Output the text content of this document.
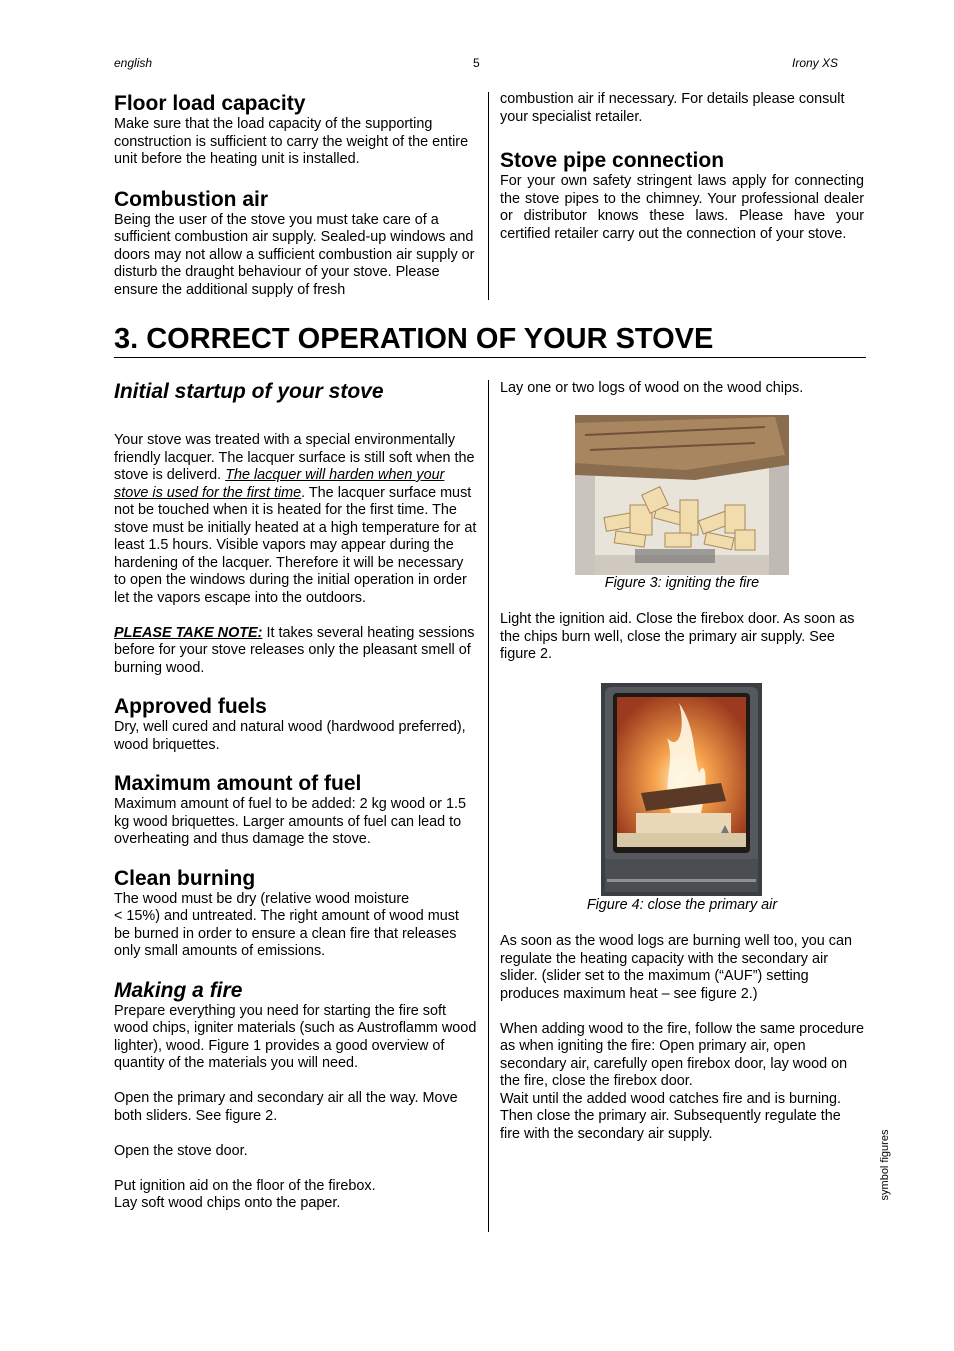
english	5	Irony XS
Floor load capacity

Make sure that the load capacity of the supporting construction is sufficient to carry the weight of the entire unit before the heating unit is installed.

Combustion air

Being the user of the stove you must take care of a sufficient combustion air supply. Sealed-up windows and doors may not allow a sufficient combustion air supply or disturb the draught behaviour of your stove. Please ensure the additional supply of fresh

combustion air if necessary. For details please consult your specialist retailer.

Stove pipe connection

For your own safety stringent laws apply for connecting the stove pipes to the chimney. Your professional dealer or distributor knows these laws. Please have your certified retailer carry out the connection of your stove.

3. CORRECT OPERATION OF YOUR STOVE
Initial startup of your stove

Your stove was treated with a special environmentally friendly lacquer. The lacquer surface is still soft when the stove is deliverd. The lacquer will harden when your stove is used for the first time. The lacquer surface must not be touched when it is heated for the first time. The stove must be initially heated at a high temperature for at least 1.5 hours. Visible vapors may appear during the hardening of the lacquer. Therefore it will be necessary to open the windows during the initial operation in order let the vapors escape into the outdoors.

PLEASE TAKE NOTE: It takes several heating sessions before for your stove releases only the pleasant smell of burning wood.

Approved fuels

Dry, well cured and natural wood (hardwood preferred), wood briquettes.

Maximum amount of fuel

Maximum amount of fuel to be added: 2 kg wood or 1.5 kg wood briquettes. Larger amounts of fuel can lead to overheating and thus damage the stove.

Clean burning

The wood must be dry (relative wood moisture

< 15%) and untreated. The right amount of wood must be burned in order to ensure a clean fire that releases only small amounts of emissions.

Making a fire

Prepare everything you need for starting the fire soft wood chips, igniter materials (such as Austroflamm wood lighter), wood. Figure 1 provides a good overview of quantity of the materials you will need.

Open the primary and secondary air all the way. Move both sliders. See figure 2.

Open the stove door.

Put ignition aid on the floor of the firebox.

Lay soft wood chips onto the paper.

Lay one or two logs of wood on the wood chips.

Figure 3: igniting the fire

Light the ignition aid. Close the firebox door. As soon as the chips burn well, close the primary air supply. See figure 2.

Figure 4: close the primary air

As soon as the wood logs are burning well too, you can regulate the heating capacity with the secondary air slider. (slider set to the maximum (“AUF”) setting produces maximum heat – see figure 2.)

When adding wood to the fire, follow the same procedure as when igniting the fire: Open primary air, open secondary air, carefully open firebox door, lay wood on the fire, close the firebox door.

Wait until the added wood catches fire and is burning. Then close the primary air. Subsequently regulate the fire with the secondary air supply.	symbol figures
